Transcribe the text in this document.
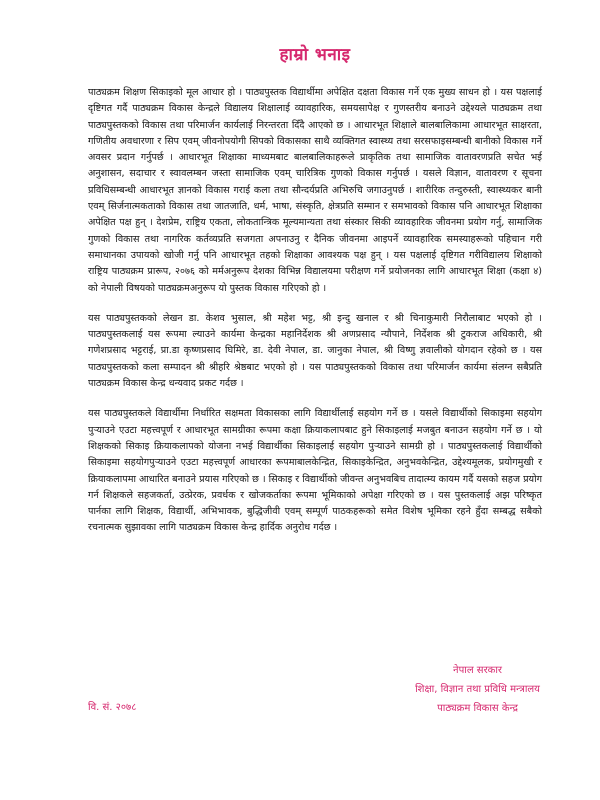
हाम्रो भनाइ

पाठ्यक्रम शिक्षण सिकाइको मूल आधार हो । पाठ्यपुस्तक विद्यार्थीमा अपेक्षित दक्षता विकास गर्ने एक मुख्य साधन हो । यस पक्षलाई दृष्टिगत गर्दै पाठ्यक्रम विकास केन्द्रले विद्यालय शिक्षालाई व्यावहारिक, समयसापेक्ष र गुणस्तरीय बनाउने उद्देश्यले पाठ्यक्रम तथा पाठ्यपुस्तकको विकास तथा परिमार्जन कार्यलाई निरन्तरता दिँदै आएको छ । आधारभूत शिक्षाले बालबालिकामा आधारभूत साक्षरता, गणितीय अवधारणा र सिप एवम् जीवनोपयोगी सिपको विकासका साथै व्यक्तिगत स्वास्थ्य तथा सरसफाइसम्बन्धी बानीको विकास गर्ने अवसर प्रदान गर्नुपर्छ । आधारभूत शिक्षाका माध्यमबाट बालबालिकाहरूले प्राकृतिक तथा सामाजिक वातावरणप्रति सचेत भई अनुशासन, सदाचार र स्वावलम्बन जस्ता सामाजिक एवम् चारित्रिक गुणको विकास गर्नुपर्छ । यसले विज्ञान, वातावरण र सूचना प्रविधिसम्बन्धी आधारभूत ज्ञानको विकास गराई कला तथा सौन्दर्यप्रति अभिरुचि जगाउनुपर्छ । शारीरिक तन्दुरुस्ती, स्वास्थ्यकर बानी एवम् सिर्जनात्मकताको विकास तथा जातजाति, धर्म, भाषा, संस्कृति, क्षेत्रप्रति सम्मान र समभावको विकास पनि आधारभूत शिक्षाका अपेक्षित पक्ष हुन् । देशप्रेम, राष्ट्रिय एकता, लोकतान्त्रिक मूल्यमान्यता तथा संस्कार सिकी व्यावहारिक जीवनमा प्रयोग गर्नु, सामाजिक गुणको विकास तथा नागरिक कर्तव्यप्रति सजगता अपनाउनु र दैनिक जीवनमा आइपर्ने व्यावहारिक समस्याहरूको पहिचान गरी समाधानका उपायको खोजी गर्नु पनि आधारभूत तहको शिक्षाका आवश्यक पक्ष हुन् । यस पक्षलाई दृष्टिगत गरीविद्यालय शिक्षाको राष्ट्रिय पाठ्यक्रम प्रारूप, २०७६ को मर्मअनुरूप देशका विभिन्न विद्यालयमा परीक्षण गर्ने प्रयोजनका लागि आधारभूत शिक्षा (कक्षा ४) को नेपाली विषयको पाठ्यक्रमअनुरूप यो पुस्तक विकास गरिएको हो ।

यस पाठ्यपुस्तकको लेखन डा. केशव भुसाल, श्री महेश भट्ट, श्री इन्दु खनाल र श्री चिनाकुमारी निरौलाबाट भएको हो । पाठ्यपुस्तकलाई यस रूपमा ल्याउने कार्यमा केन्द्रका महानिर्देशक श्री अणप्रसाद न्यौपाने, निर्देशक श्री टुकराज अधिकारी, श्री गणेशप्रसाद भट्टराई, प्रा.डा कृष्णप्रसाद घिमिरे, डा. देवी नेपाल, डा. जानुका नेपाल, श्री विष्णु ज्ञवालीको योगदान रहेको छ । यस पाठ्यपुस्तकको कला सम्पादन श्री श्रीहरि श्रेष्ठबाट भएको हो । यस पाठ्यपुस्तकको विकास तथा परिमार्जन कार्यमा संलग्न सबैप्रति पाठ्यक्रम विकास केन्द्र धन्यवाद प्रकट गर्दछ ।

यस पाठ्यपुस्तकले विद्यार्थीमा निर्धारित सक्षमता विकासका लागि विद्यार्थीलाई सहयोग गर्ने छ । यसले विद्यार्थीको सिकाइमा सहयोग पुर्‍याउने एउटा महत्त्वपूर्ण र आधारभूत सामग्रीका रूपमा कक्षा क्रियाकलापबाट हुने सिकाइलाई मजबुत बनाउन सहयोग गर्ने छ । यो शिक्षकको सिकाइ क्रियाकलापको योजना नभई विद्यार्थीका सिकाइलाई सहयोग पुर्‍याउने सामग्री हो । पाठ्यपुस्तकलाई विद्यार्थीको सिकाइमा सहयोगपुर्‍याउने एउटा महत्त्वपूर्ण आधारका रूपमाबालकेन्द्रित, सिकाइकेन्द्रित, अनुभवकेन्द्रित, उद्देश्यमूलक, प्रयोगमुखी र क्रियाकलापमा आधारित बनाउने प्रयास गरिएको छ । सिकाइ र विद्यार्थीको जीवन्त अनुभवबिच तादात्म्य कायम गर्दै यसको सहज प्रयोग गर्न शिक्षकले सहजकर्ता, उत्प्रेरक, प्रवर्धक र खोजकर्ताका रूपमा भूमिकाको अपेक्षा गरिएको छ । यस पुस्तकलाई अझ परिष्कृत पार्नका लागि शिक्षक, विद्यार्थी, अभिभावक, बुद्धिजीवी एवम् सम्पूर्ण पाठकहरूको समेत विशेष भूमिका रहने हुँदा सम्बद्ध सबैको रचनात्मक सुझावका लागि पाठ्यक्रम विकास केन्द्र हार्दिक अनुरोध गर्दछ ।

नेपाल सरकार
शिक्षा, विज्ञान तथा प्रविधि मन्त्रालय
पाठ्यक्रम विकास केन्द्र
वि. सं. २०७८
